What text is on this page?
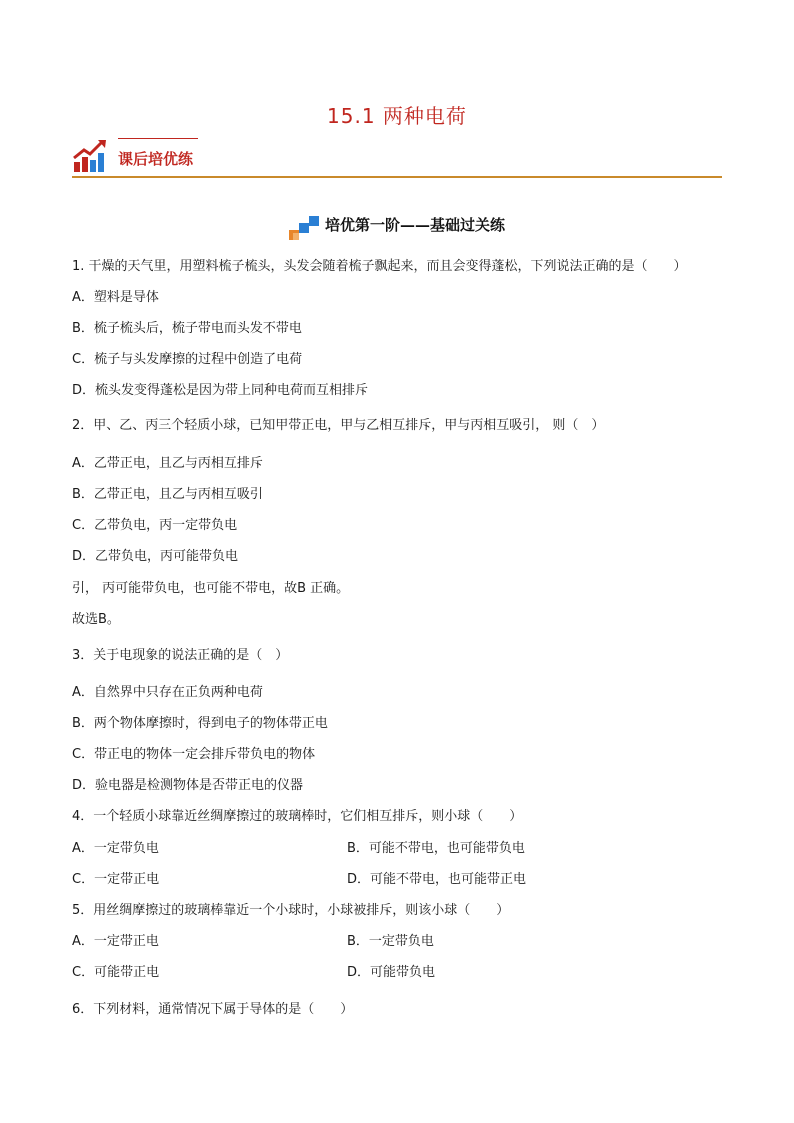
15.1 两种电荷
课后培优练
培优第一阶——基础过关练
1. 干燥的天气里，用塑料梳子梳头，头发会随着梳子飘起来，而且会变得蓬松，下列说法正确的是（　　）
A．塑料是导体
B．梳子梳头后，梳子带电而头发不带电
C．梳子与头发摩擦的过程中创造了电荷
D．梳头发变得蓬松是因为带上同种电荷而互相排斥
2．甲、乙、丙三个轻质小球，已知甲带正电，甲与乙相互排斥，甲与丙相互吸引， 则（　）
A．乙带正电，且乙与丙相互排斥
B．乙带正电，且乙与丙相互吸引
C．乙带负电，丙一定带负电
D．乙带负电，丙可能带负电
引， 丙可能带负电，也可能不带电，故B 正确。
故选B。
3．关于电现象的说法正确的是（　）
A．自然界中只存在正负两种电荷
B．两个物体摩擦时，得到电子的物体带正电
C．带正电的物体一定会排斥带负电的物体
D．验电器是检测物体是否带正电的仪器
4．一个轻质小球靠近丝绸摩擦过的玻璃棒时，它们相互排斥，则小球（　　）
A．一定带负电	B．可能不带电，也可能带负电
C．一定带正电	D．可能不带电，也可能带正电
5．用丝绸摩擦过的玻璃棒靠近一个小球时，小球被排斥，则该小球（　　）
A．一定带正电	B．一定带负电
C．可能带正电	D．可能带负电
6．下列材料，通常情况下属于导体的是（　　）
